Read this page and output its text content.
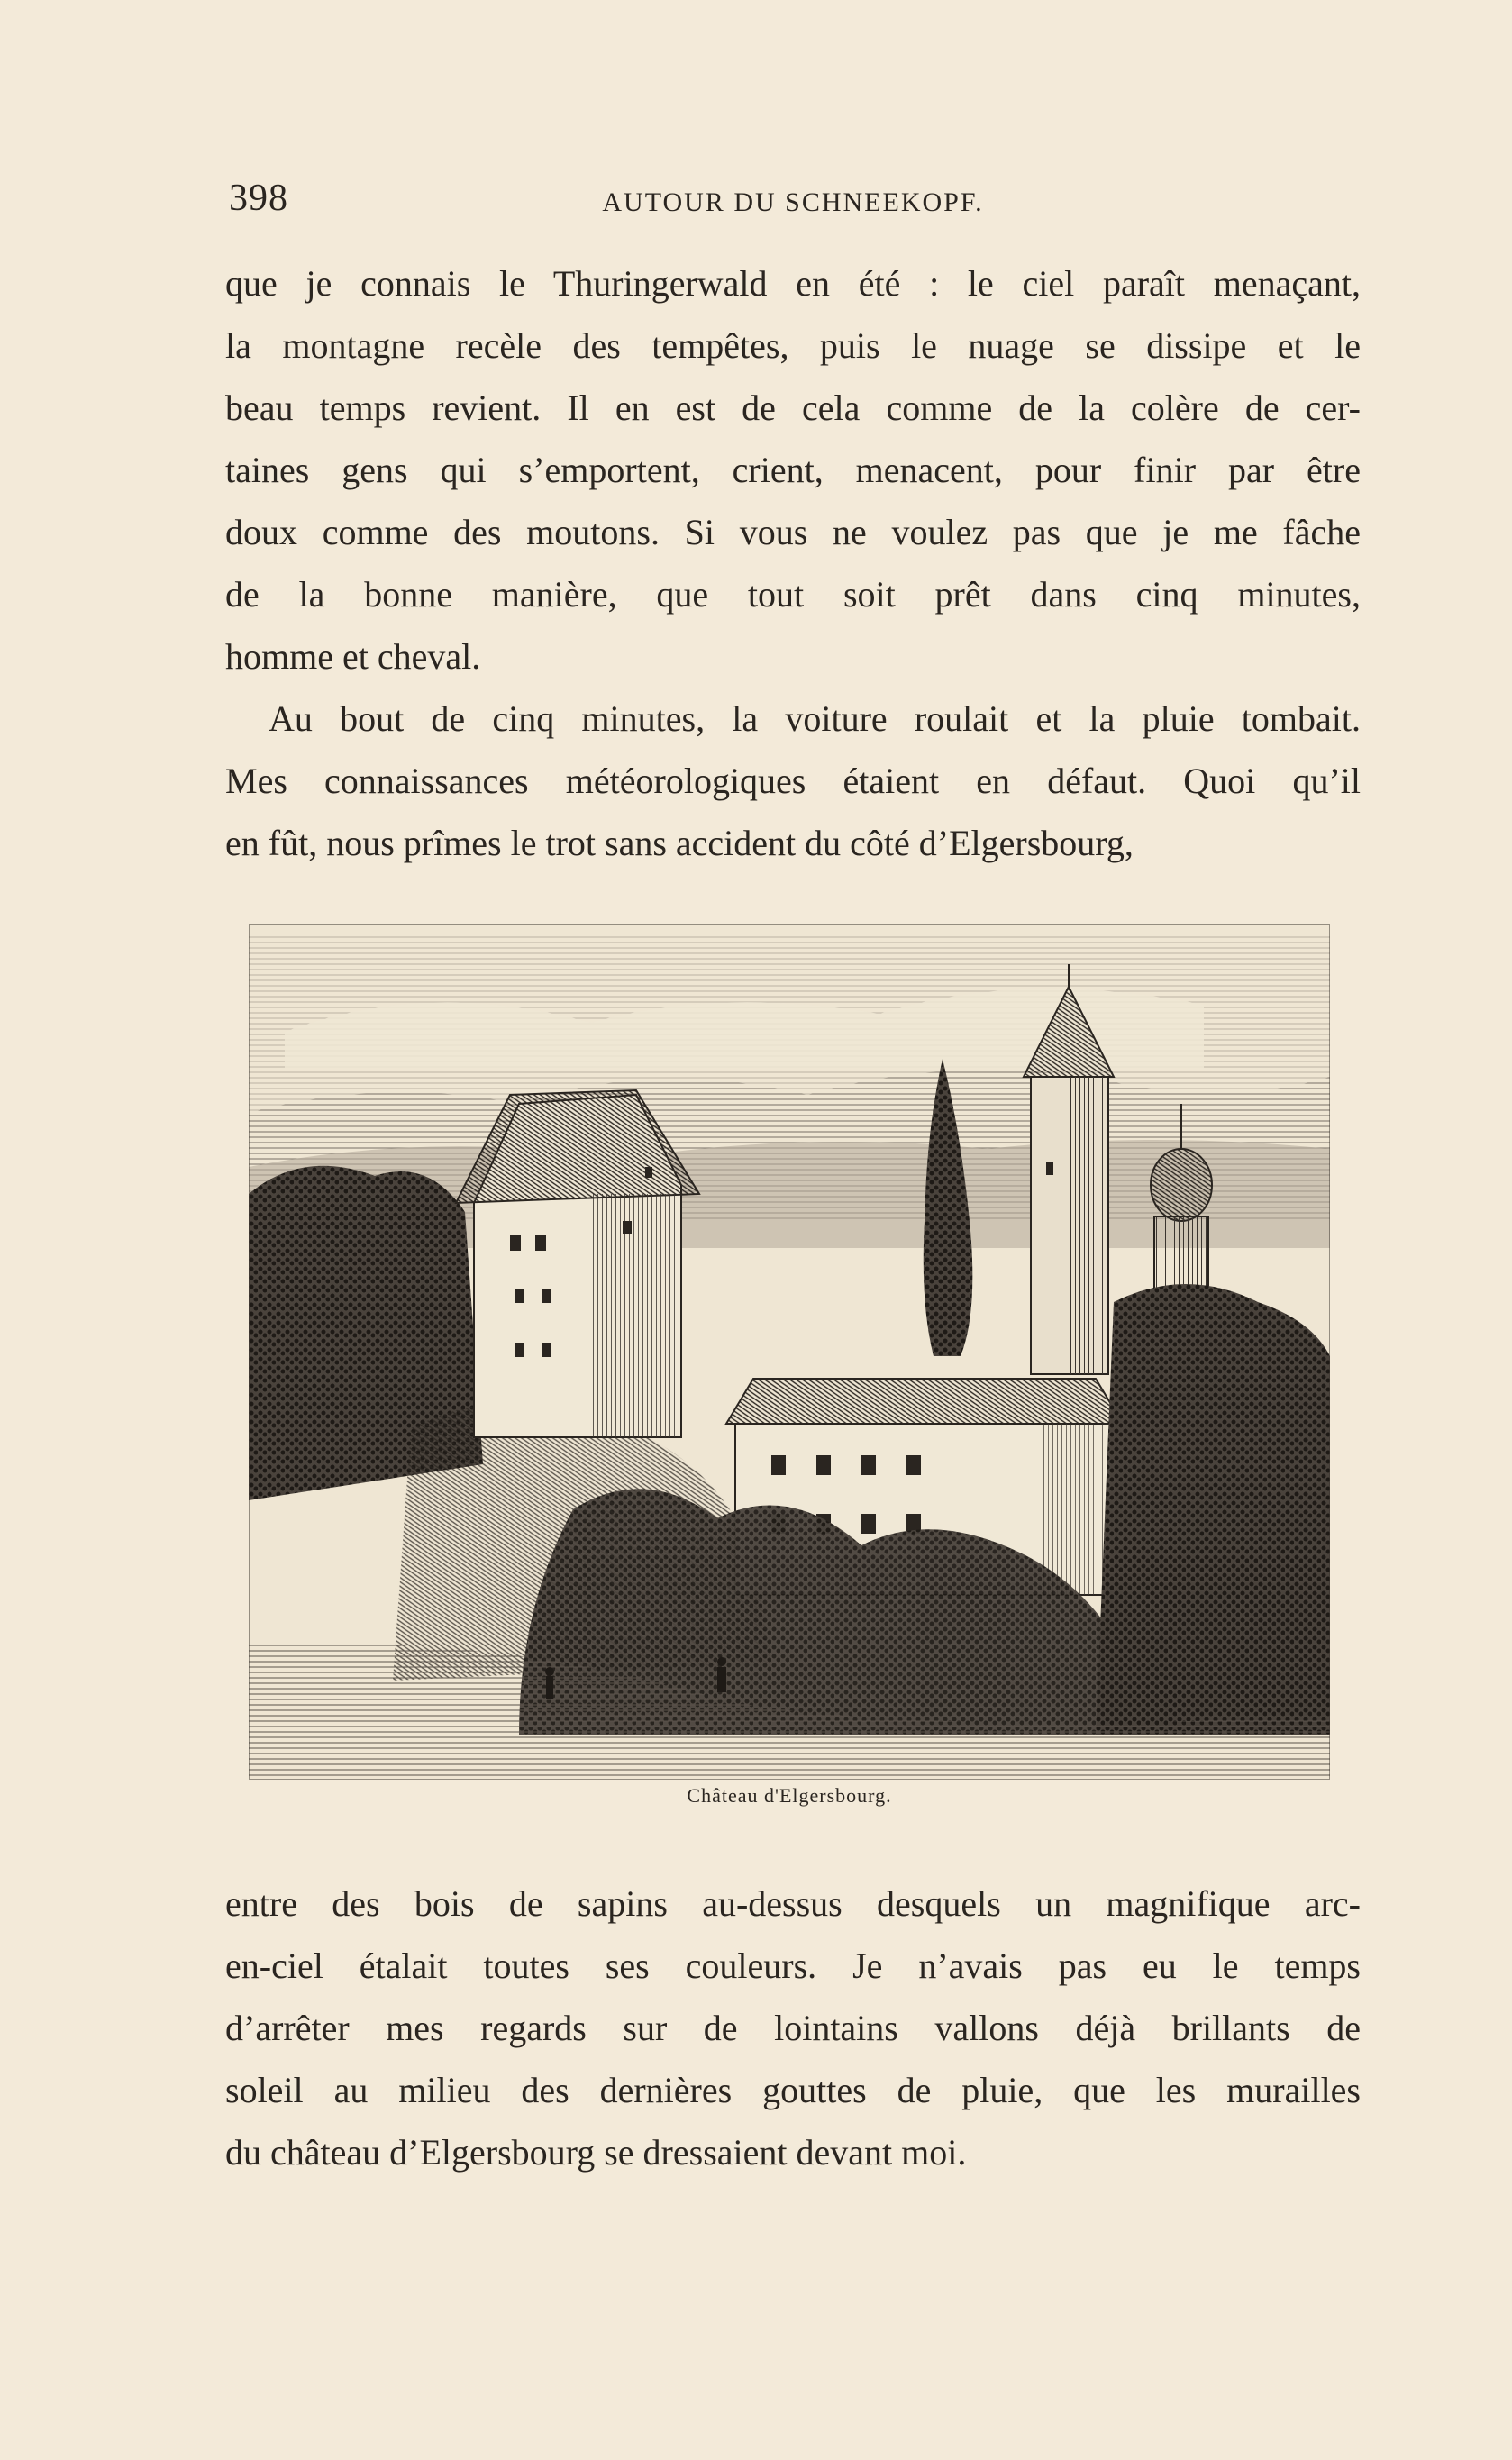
398	AUTOUR DU SCHNEEKOPF.

que je connais le Thuringerwald en été : le ciel paraît menaçant,
la montagne recèle des tempêtes, puis le nuage se dissipe et le
beau temps revient. Il en est de cela comme de la colère de cer-
taines gens qui s’emportent, crient, menacent, pour finir par être
doux comme des moutons. Si vous ne voulez pas que je me fâche
de la bonne manière, que tout soit prêt dans cinq minutes,
homme et cheval.

Au bout de cinq minutes, la voiture roulait et la pluie tombait.
Mes connaissances météorologiques étaient en défaut. Quoi qu’il
en fût, nous prîmes le trot sans accident du côté d’Elgersbourg,

Château d'Elgersbourg.

entre des bois de sapins au-dessus desquels un magnifique arc-
en-ciel étalait toutes ses couleurs. Je n’avais pas eu le temps
d’arrêter mes regards sur de lointains vallons déjà brillants de
soleil au milieu des dernières gouttes de pluie, que les murailles
du château d’Elgersbourg se dressaient devant moi.
